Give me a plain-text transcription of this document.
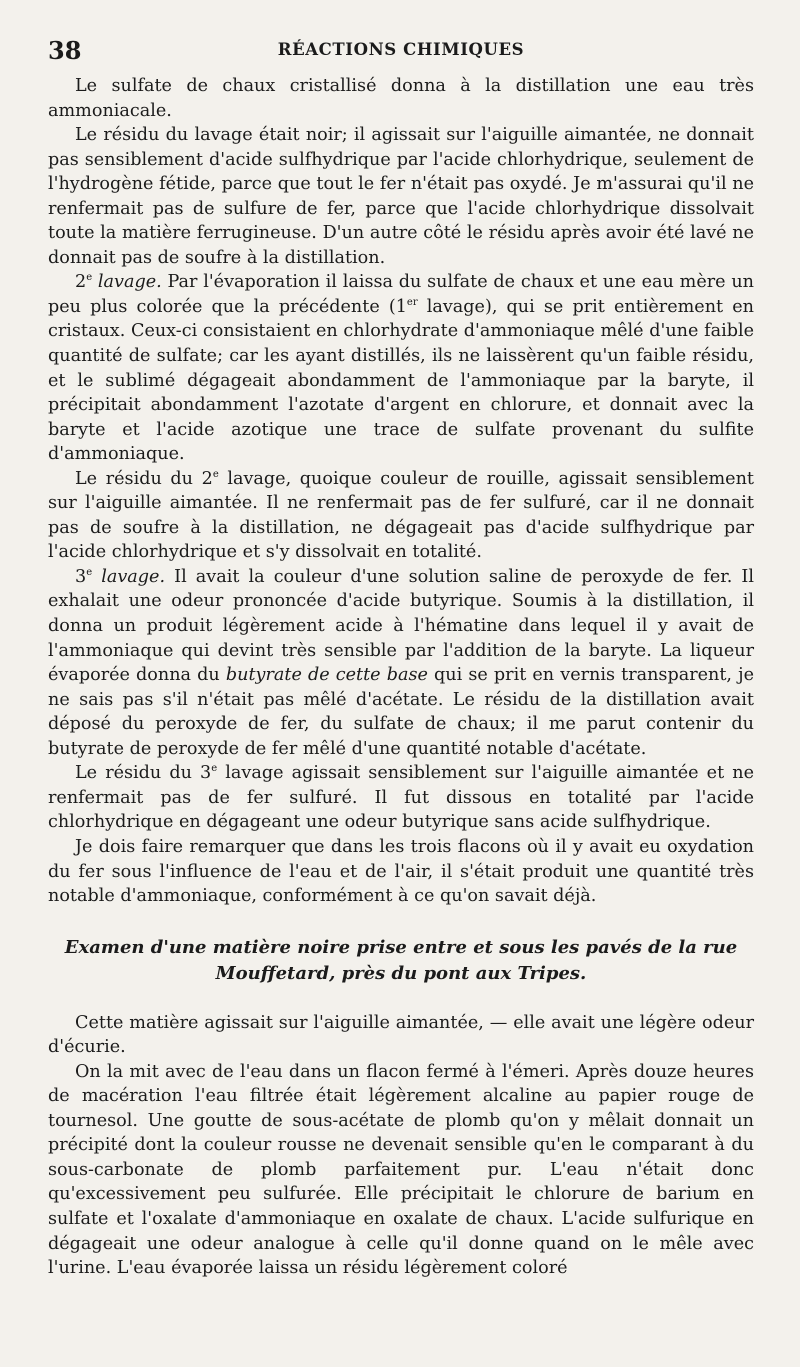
38	RÉACTIONS CHIMIQUES

Le sulfate de chaux cristallisé donna à la distillation une eau très ammoniacale.

Le résidu du lavage était noir; il agissait sur l'aiguille aimantée, ne donnait pas sensiblement d'acide sulfhydrique par l'acide chlorhydrique, seulement de l'hydrogène fétide, parce que tout le fer n'était pas oxydé. Je m'assurai qu'il ne renfermait pas de sulfure de fer, parce que l'acide chlorhydrique dissolvait toute la matière ferrugineuse. D'un autre côté le résidu après avoir été lavé ne donnait pas de soufre à la distillation.

2e lavage. Par l'évaporation il laissa du sulfate de chaux et une eau mère un peu plus colorée que la précédente (1er lavage), qui se prit entièrement en cristaux. Ceux-ci consistaient en chlorhydrate d'ammoniaque mêlé d'une faible quantité de sulfate; car les ayant distillés, ils ne laissèrent qu'un faible résidu, et le sublimé dégageait abondamment de l'ammoniaque par la baryte, il précipitait abondamment l'azotate d'argent en chlorure, et donnait avec la baryte et l'acide azotique une trace de sulfate provenant du sulfite d'ammoniaque.

Le résidu du 2e lavage, quoique couleur de rouille, agissait sensiblement sur l'aiguille aimantée. Il ne renfermait pas de fer sulfuré, car il ne donnait pas de soufre à la distillation, ne dégageait pas d'acide sulfhydrique par l'acide chlorhydrique et s'y dissolvait en totalité.

3e lavage. Il avait la couleur d'une solution saline de peroxyde de fer. Il exhalait une odeur prononcée d'acide butyrique. Soumis à la distillation, il donna un produit légèrement acide à l'hématine dans lequel il y avait de l'ammoniaque qui devint très sensible par l'addition de la baryte. La liqueur évaporée donna du butyrate de cette base qui se prit en vernis transparent, je ne sais pas s'il n'était pas mêlé d'acétate. Le résidu de la distillation avait déposé du peroxyde de fer, du sulfate de chaux; il me parut contenir du butyrate de peroxyde de fer mêlé d'une quantité notable d'acétate.

Le résidu du 3e lavage agissait sensiblement sur l'aiguille aimantée et ne renfermait pas de fer sulfuré. Il fut dissous en totalité par l'acide chlorhydrique en dégageant une odeur butyrique sans acide sulfhydrique.

Je dois faire remarquer que dans les trois flacons où il y avait eu oxydation du fer sous l'influence de l'eau et de l'air, il s'était produit une quantité très notable d'ammoniaque, conformément à ce qu'on savait déjà.

Examen d'une matière noire prise entre et sous les pavés de la rue Mouffetard, près du pont aux Tripes.

Cette matière agissait sur l'aiguille aimantée, — elle avait une légère odeur d'écurie.

On la mit avec de l'eau dans un flacon fermé à l'émeri. Après douze heures de macération l'eau filtrée était légèrement alcaline au papier rouge de tournesol. Une goutte de sous-acétate de plomb qu'on y mêlait donnait un précipité dont la couleur rousse ne devenait sensible qu'en le comparant à du sous-carbonate de plomb parfaitement pur. L'eau n'était donc qu'excessivement peu sulfurée. Elle précipitait le chlorure de barium en sulfate et l'oxalate d'ammoniaque en oxalate de chaux. L'acide sulfurique en dégageait une odeur analogue à celle qu'il donne quand on le mêle avec l'urine. L'eau évaporée laissa un résidu légèrement coloré
